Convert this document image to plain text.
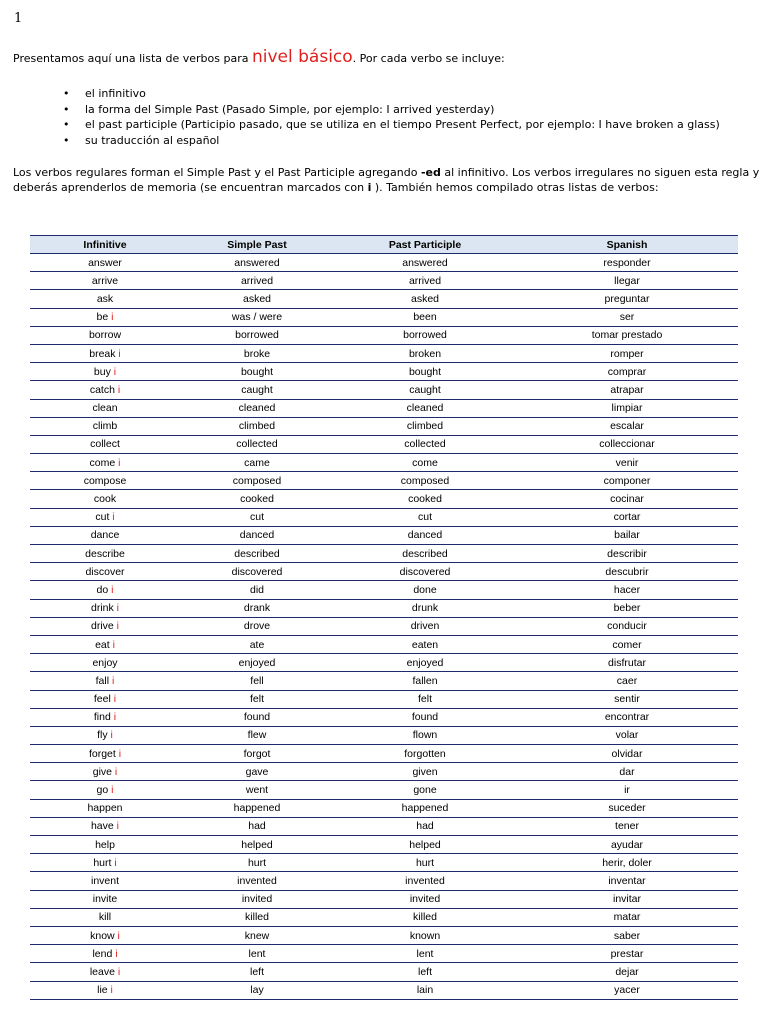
1
Presentamos aquí una lista de verbos para nivel básico. Por cada verbo se incluye:
• el infinitivo
• la forma del Simple Past (Pasado Simple, por ejemplo: I arrived yesterday)
• el past participle (Participio pasado, que se utiliza en el tiempo Present Perfect, por ejemplo: I have broken a glass)
• su traducción al español
Los verbos regulares forman el Simple Past y el Past Participle agregando -ed al infinitivo. Los verbos irregulares no siguen esta regla y deberás aprenderlos de memoria (se encuentran marcados con i ). También hemos compilado otras listas de verbos:
Infinitive	Simple Past	Past Participle	Spanish
answer	answered	answered	responder
arrive	arrived	arrived	llegar
ask	asked	asked	preguntar
be i	was / were	been	ser
borrow	borrowed	borrowed	tomar prestado
break i	broke	broken	romper
buy i	bought	bought	comprar
catch i	caught	caught	atrapar
clean	cleaned	cleaned	limpiar
climb	climbed	climbed	escalar
collect	collected	collected	colleccionar
come i	came	come	venir
compose	composed	composed	componer
cook	cooked	cooked	cocinar
cut i	cut	cut	cortar
dance	danced	danced	bailar
describe	described	described	describir
discover	discovered	discovered	descubrir
do i	did	done	hacer
drink i	drank	drunk	beber
drive i	drove	driven	conducir
eat i	ate	eaten	comer
enjoy	enjoyed	enjoyed	disfrutar
fall i	fell	fallen	caer
feel i	felt	felt	sentir
find i	found	found	encontrar
fly i	flew	flown	volar
forget i	forgot	forgotten	olvidar
give i	gave	given	dar
go i	went	gone	ir
happen	happened	happened	suceder
have i	had	had	tener
help	helped	helped	ayudar
hurt i	hurt	hurt	herir, doler
invent	invented	invented	inventar
invite	invited	invited	invitar
kill	killed	killed	matar
know i	knew	known	saber
lend i	lent	lent	prestar
leave i	left	left	dejar
lie i	lay	lain	yacer
